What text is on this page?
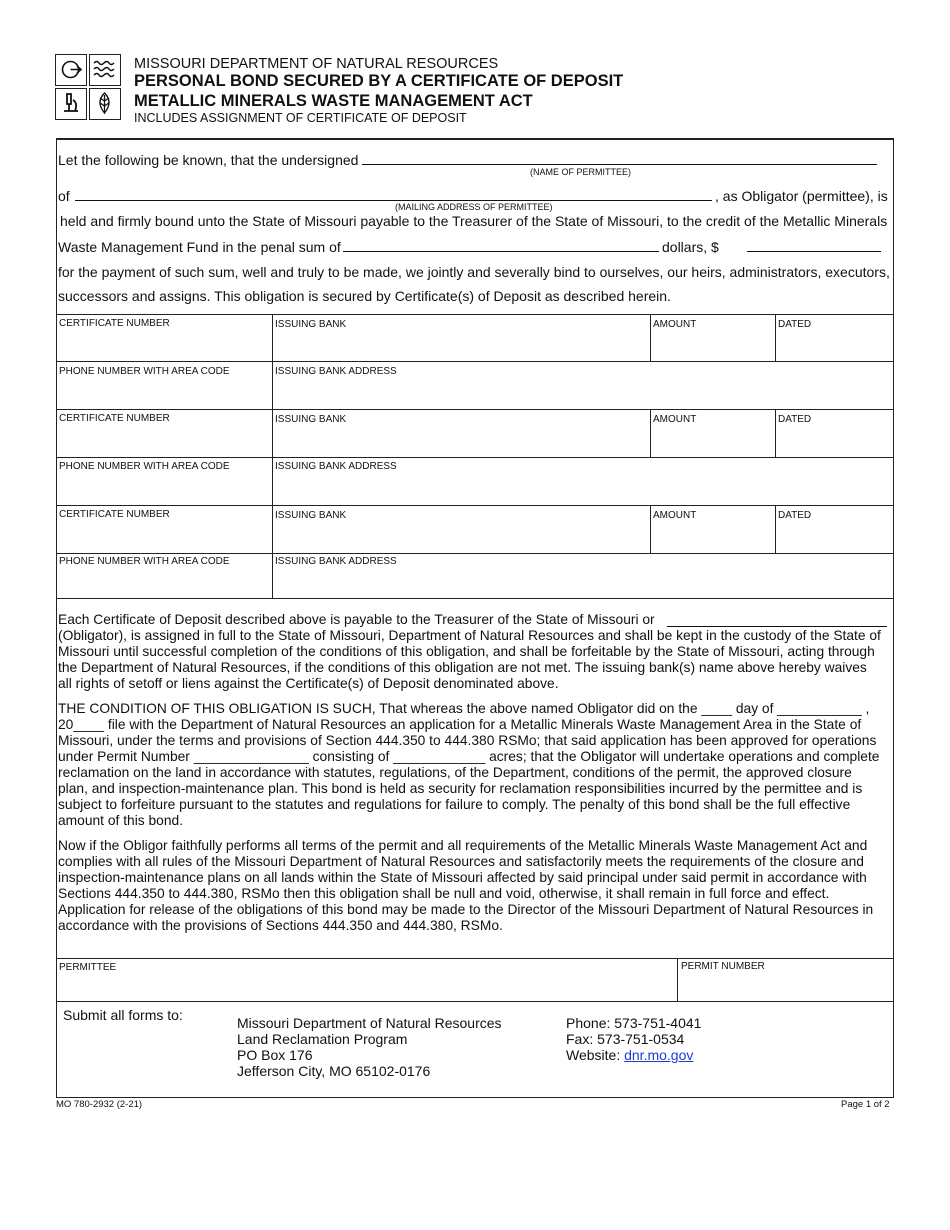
MISSOURI DEPARTMENT OF NATURAL RESOURCES
PERSONAL BOND SECURED BY A CERTIFICATE OF DEPOSIT
METALLIC MINERALS WASTE MANAGEMENT ACT
INCLUDES ASSIGNMENT OF CERTIFICATE OF DEPOSIT
Let the following be known, that the undersigned
(NAME OF PERMITTEE)
of	, as Obligator (permittee), is
(MAILING ADDRESS OF PERMITTEE)
held and firmly bound unto the State of Missouri payable to the Treasurer of the State of Missouri, to the credit of the Metallic Minerals
Waste Management Fund in the penal sum of	dollars, $
for the payment of such sum, well and truly to be made, we jointly and severally bind to ourselves, our heirs, administrators, executors,
successors and assigns. This obligation is secured by Certificate(s) of Deposit as described herein.
CERTIFICATE NUMBER	ISSUING BANK	AMOUNT	DATED
PHONE NUMBER WITH AREA CODE	ISSUING BANK ADDRESS
CERTIFICATE NUMBER	ISSUING BANK	AMOUNT	DATED
PHONE NUMBER WITH AREA CODE	ISSUING BANK ADDRESS
CERTIFICATE NUMBER	ISSUING BANK	AMOUNT	DATED
PHONE NUMBER WITH AREA CODE	ISSUING BANK ADDRESS
Each Certificate of Deposit described above is payable to the Treasurer of the State of Missouri or
(Obligator), is assigned in full to the State of Missouri, Department of Natural Resources and shall be kept in the custody of the State of
Missouri until successful completion of the conditions of this obligation, and shall be forfeitable by the State of Missouri, acting through
the Department of Natural Resources, if the conditions of this obligation are not met. The issuing bank(s) name above hereby waives
all rights of setoff or liens against the Certificate(s) of Deposit denominated above.
THE CONDITION OF THIS OBLIGATION IS SUCH, That whereas the above named Obligator did on the ____ day of ___________ ,
20____ file with the Department of Natural Resources an application for a Metallic Minerals Waste Management Area in the State of
Missouri, under the terms and provisions of Section 444.350 to 444.380 RSMo; that said application has been approved for operations
under Permit Number _______________ consisting of ____________ acres; that the Obligator will undertake operations and complete
reclamation on the land in accordance with statutes, regulations, of the Department, conditions of the permit, the approved closure
plan, and inspection-maintenance plan. This bond is held as security for reclamation responsibilities incurred by the permittee and is
subject to forfeiture pursuant to the statutes and regulations for failure to comply. The penalty of this bond shall be the full effective
amount of this bond.
Now if the Obligor faithfully performs all terms of the permit and all requirements of the Metallic Minerals Waste Management Act and
complies with all rules of the Missouri Department of Natural Resources and satisfactorily meets the requirements of the closure and
inspection-maintenance plans on all lands within the State of Missouri affected by said principal under said permit in accordance with
Sections 444.350 to 444.380, RSMo then this obligation shall be null and void, otherwise, it shall remain in full force and effect.
Application for release of the obligations of this bond may be made to the Director of the Missouri Department of Natural Resources in
accordance with the provisions of Sections 444.350 and 444.380, RSMo.
PERMITTEE	PERMIT NUMBER
Submit all forms to:	Missouri Department of Natural Resources
Land Reclamation Program
PO Box 176
Jefferson City, MO 65102-0176
Phone: 573-751-4041
Fax: 573-751-0534
Website: dnr.mo.gov
MO 780-2932 (2-21)	Page 1 of 2
